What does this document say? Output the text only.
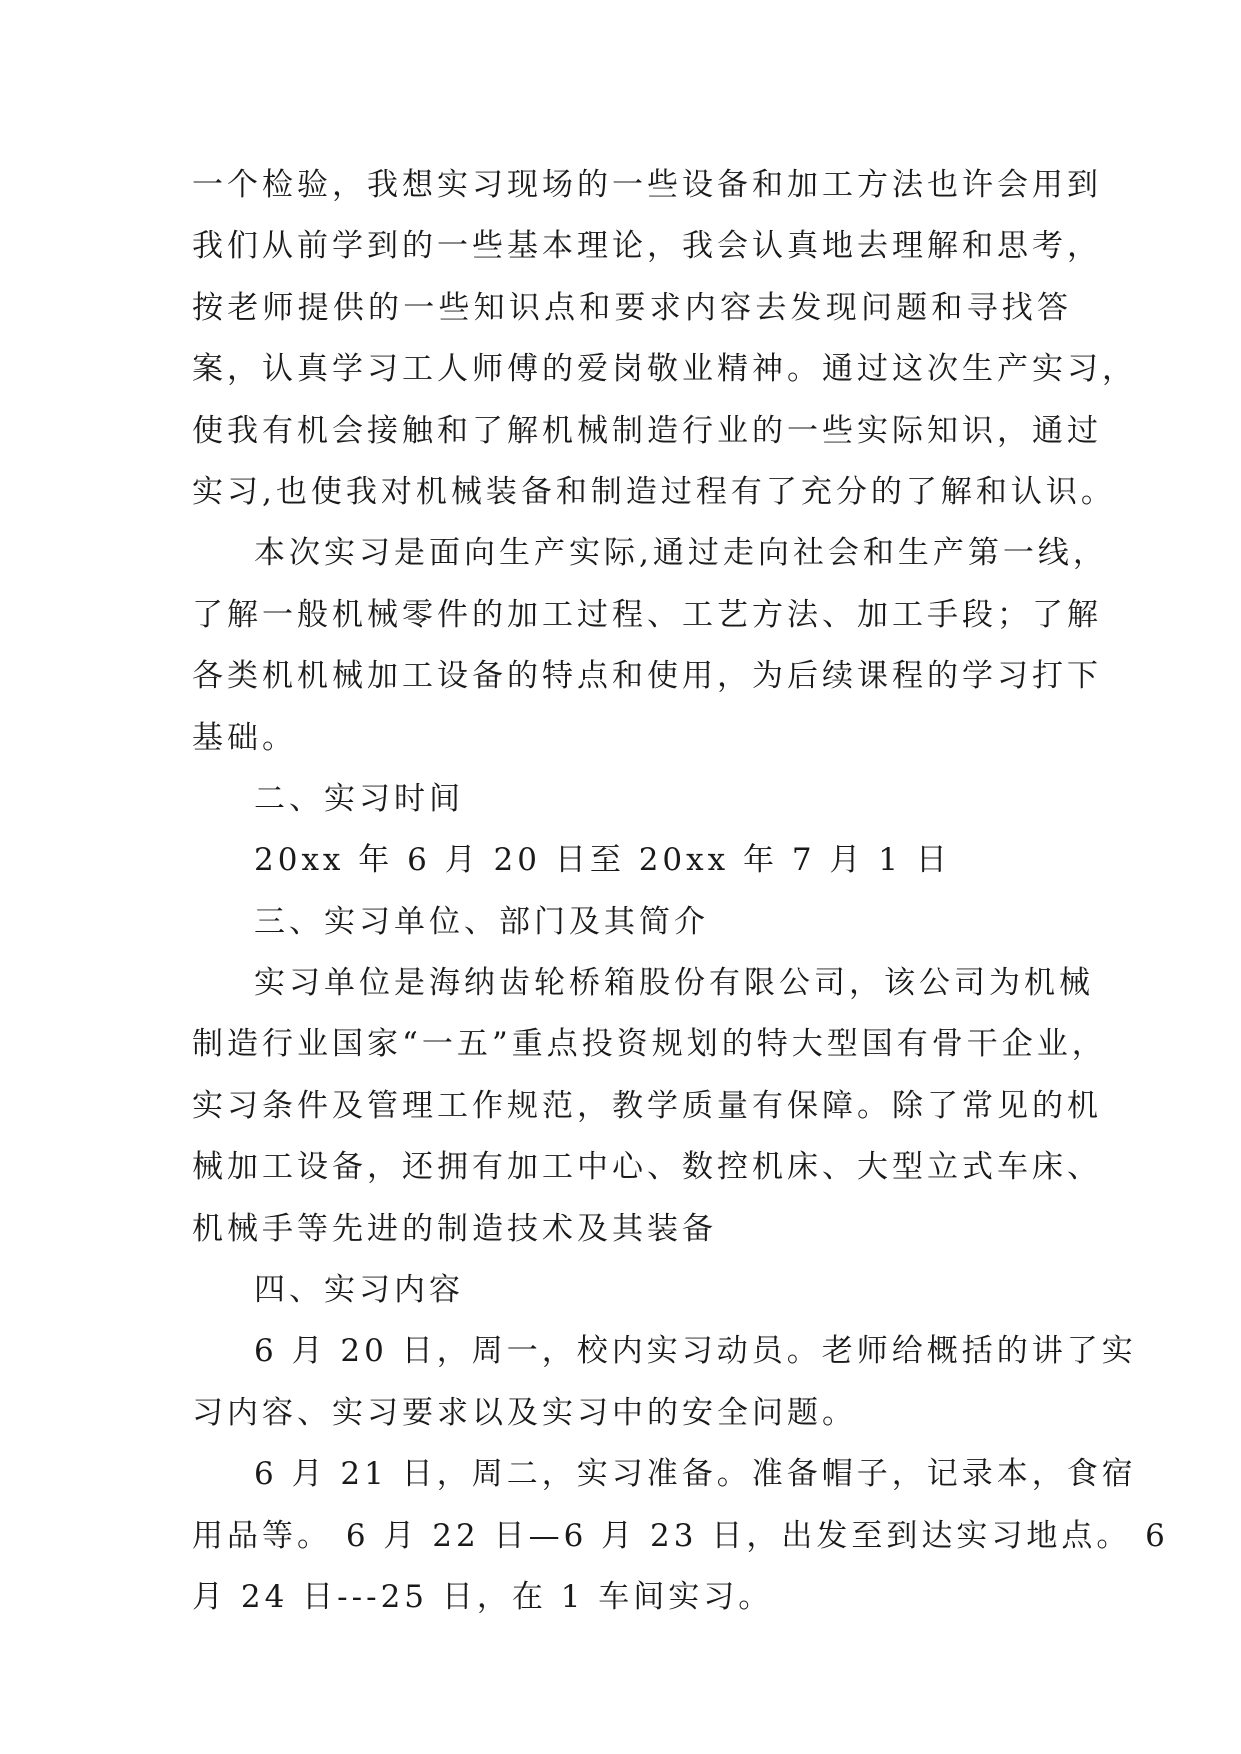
一个检验，我想实习现场的一些设备和加工方法也许会用到
我们从前学到的一些基本理论，我会认真地去理解和思考，
按老师提供的一些知识点和要求内容去发现问题和寻找答
案，认真学习工人师傅的爱岗敬业精神。通过这次生产实习，
使我有机会接触和了解机械制造行业的一些实际知识，通过
实习,也使我对机械装备和制造过程有了充分的了解和认识。
本次实习是面向生产实际,通过走向社会和生产第一线，
了解一般机械零件的加工过程、工艺方法、加工手段；了解
各类机机械加工设备的特点和使用，为后续课程的学习打下
基础。
二、实习时间
20xx 年 6 月 20 日至 20xx 年 7 月 1 日
三、实习单位、部门及其简介
实习单位是海纳齿轮桥箱股份有限公司，该公司为机械
制造行业国家“一五”重点投资规划的特大型国有骨干企业，
实习条件及管理工作规范，教学质量有保障。除了常见的机
械加工设备，还拥有加工中心、数控机床、大型立式车床、
机械手等先进的制造技术及其装备
四、实习内容
6 月 20 日，周一，校内实习动员。老师给概括的讲了实
习内容、实习要求以及实习中的安全问题。
6 月 21 日，周二，实习准备。准备帽子，记录本，食宿
用品等。 6 月 22 日—6 月 23 日，出发至到达实习地点。 6
月 24 日---25 日，在 1 车间实习。
